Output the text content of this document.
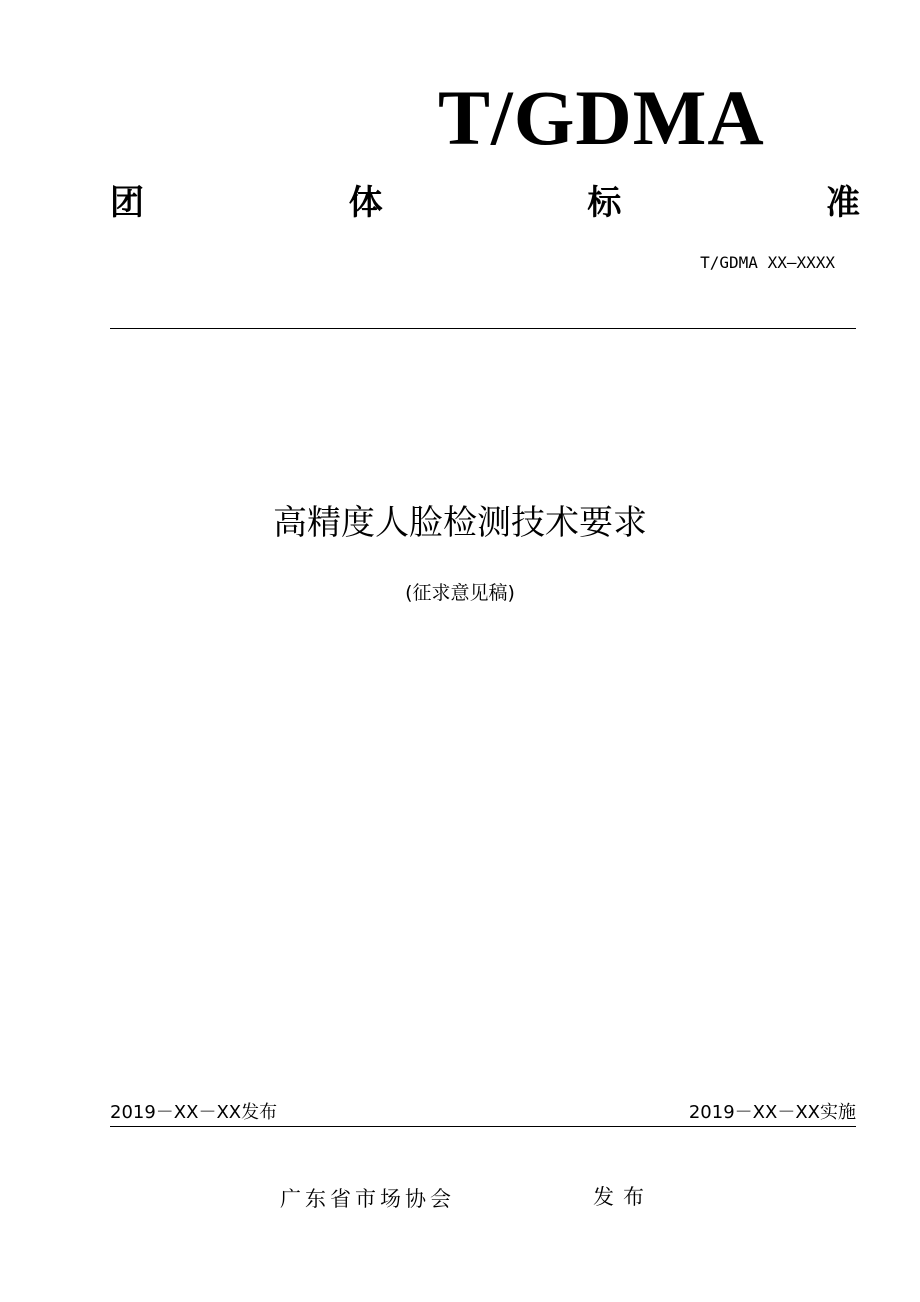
T/GDMA
团	体	标	准
T/GDMA XX—XXXX
高精度人脸检测技术要求
(征求意见稿)
2019－XX－XX发布	2019－XX－XX实施
广东省市场协会	发布
